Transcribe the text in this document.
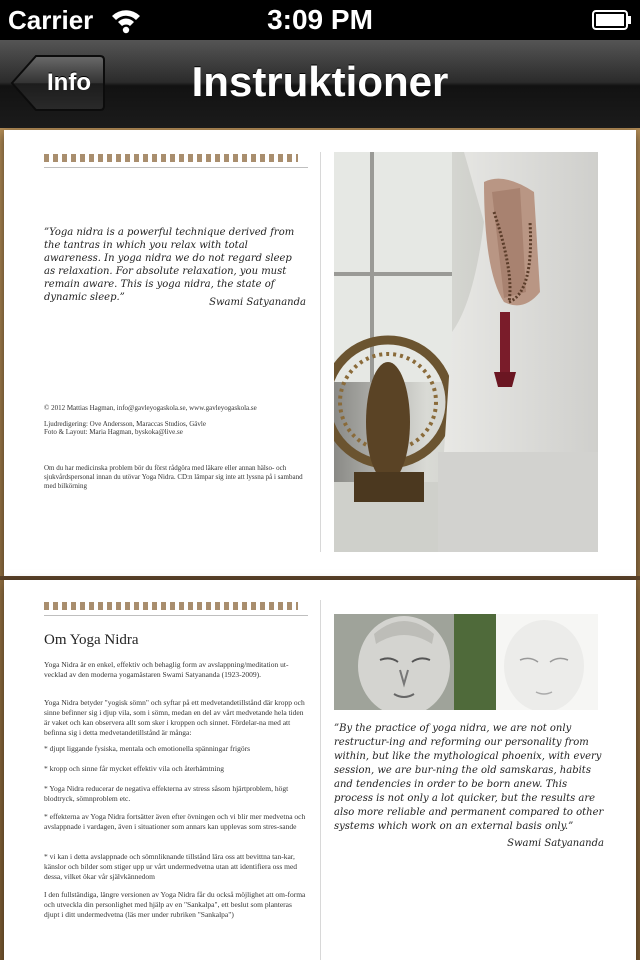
Carrier	3:09 PM
Info	Instruktioner
”Yoga nidra is a powerful technique derived from the tantras in which you relax with total awareness. In yoga nidra we do not regard sleep as relaxation. For absolute relaxation, you must remain aware. This is yoga nidra, the state of dynamic sleep.”	Swami Satyananda
© 2012 Mattias Hagman, info@gavleyogaskola.se, www.gavleyogaskola.se
Ljudredigering: Ove Andersson, Maraccas Studios, Gävle
Foto & Layout: Maria Hagman, byskoka@live.se
Om du har medicinska problem bör du först rådgöra med läkare eller annan hälso- och sjukvårdspersonal innan du utövar Yoga Nidra. CD:n lämpar sig inte att lyssna på i samband med bilkörning
Om Yoga Nidra
Yoga Nidra är en enkel, effektiv och behaglig form av avslappning/meditation ut-vecklad av den moderna yogamästaren Swami Satyananda (1923-2009).
Yoga Nidra betyder "yogisk sömn" och syftar på ett medvetandetillstånd där kropp och sinne befinner sig i djup vila, som i sömn, medan en del av vårt medvetande hela tiden är vaket och kan observera allt som sker i kroppen och sinnet. Fördelar-na med att befinna sig i detta medvetandetillstånd är många:
* djupt liggande fysiska, mentala och emotionella spänningar frigörs
* kropp och sinne får mycket effektiv vila och återhämtning
* Yoga Nidra reducerar de negativa effekterna av stress såsom hjärtproblem, högt blodtryck, sömnproblem etc.
* effekterna av Yoga Nidra fortsätter även efter övningen och vi blir mer medvetna och avslappnade i vardagen, även i situationer som annars kan upplevas som stres-sande
* vi kan i detta avslappnade och sömnliknande tillstånd lära oss att bevittna tan-kar, känslor och bilder som stiger upp ur vårt undermedvetna utan att identifiera oss med dessa, vilket ökar vår självkännedom
I den fullständiga, längre versionen av Yoga Nidra får du också möjlighet att om-forma och utveckla din personlighet med hjälp av en "Sankalpa", ett beslut som planteras djupt i ditt undermedvetna (läs mer under rubriken "Sankalpa")
”By the practice of yoga nidra, we are not only restructur-ing and reforming our personality from within, but like the mythological phoenix, with every session, we are bur-ning the old samskaras, habits and tendencies in order to be born anew. This process is not only a lot quicker, but the results are also more reliable and permanent compared to other systems which work on an external basis only.”
Swami Satyananda
